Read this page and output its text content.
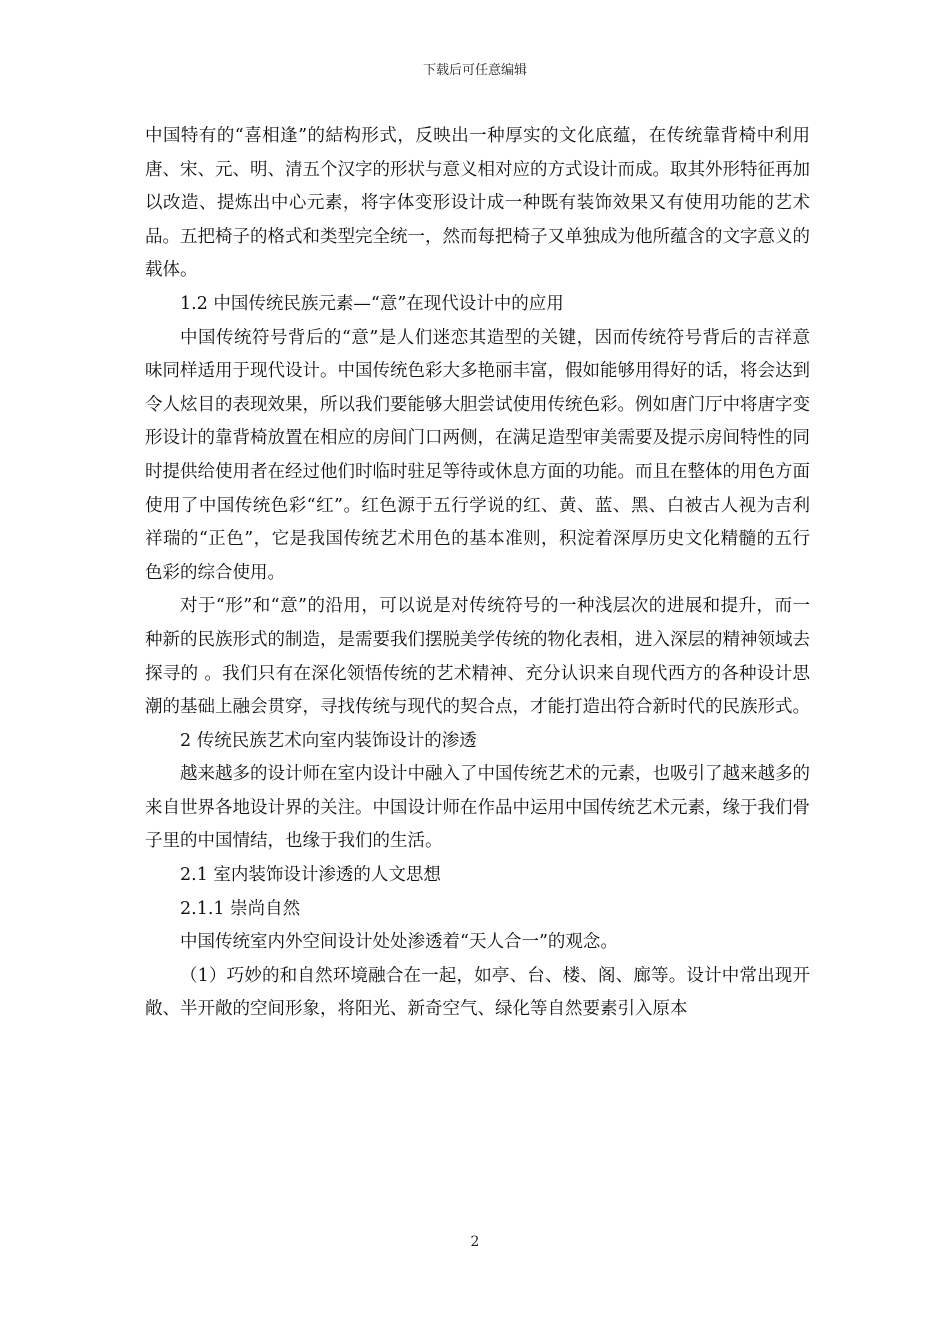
下载后可任意编辑

中国特有的“喜相逢”的結构形式，反映出一种厚实的文化底蕴，在传统靠背椅中利用唐、宋、元、明、清五个汉字的形状与意义相对应的方式设计而成。取其外形特征再加以改造、提炼出中心元素，将字体变形设计成一种既有装饰效果又有使用功能的艺术品。五把椅子的格式和类型完全统一，然而每把椅子又单独成为他所蕴含的文字意义的载体。

1.2 中国传统民族元素—“意”在现代设计中的应用

中国传统符号背后的“意”是人们迷恋其造型的关键，因而传统符号背后的吉祥意味同样适用于现代设计。中国传统色彩大多艳丽丰富，假如能够用得好的话，将会达到令人炫目的表现效果，所以我们要能够大胆尝试使用传统色彩。例如唐门厅中将唐字变形设计的靠背椅放置在相应的房间门口两侧，在满足造型审美需要及提示房间特性的同时提供给使用者在经过他们时临时驻足等待或休息方面的功能。而且在整体的用色方面使用了中国传统色彩“红”。红色源于五行学说的红、黄、蓝、黑、白被古人视为吉利祥瑞的“正色”，它是我国传统艺术用色的基本准则，积淀着深厚历史文化精髓的五行色彩的综合使用。

对于“形”和“意”的沿用，可以说是对传统符号的一种浅层次的进展和提升，而一种新的民族形式的制造，是需要我们摆脱美学传统的物化表相，进入深层的精神领域去探寻的 。我们只有在深化领悟传统的艺术精神、充分认识来自现代西方的各种设计思潮的基础上融会贯穿，寻找传统与现代的契合点，才能打造出符合新时代的民族形式。

2 传统民族艺术向室内装饰设计的渗透

越来越多的设计师在室内设计中融入了中国传统艺术的元素，也吸引了越来越多的来自世界各地设计界的关注。中国设计师在作品中运用中国传统艺术元素，缘于我们骨子里的中国情结，也缘于我们的生活。

2.1 室内装饰设计渗透的人文思想

2.1.1 崇尚自然

中国传统室内外空间设计处处渗透着“天人合一”的观念。

（1）巧妙的和自然环境融合在一起，如亭、台、楼、阁、廊等。设计中常出现开敞、半开敞的空间形象，将阳光、新奇空气、绿化等自然要素引入原本

2
